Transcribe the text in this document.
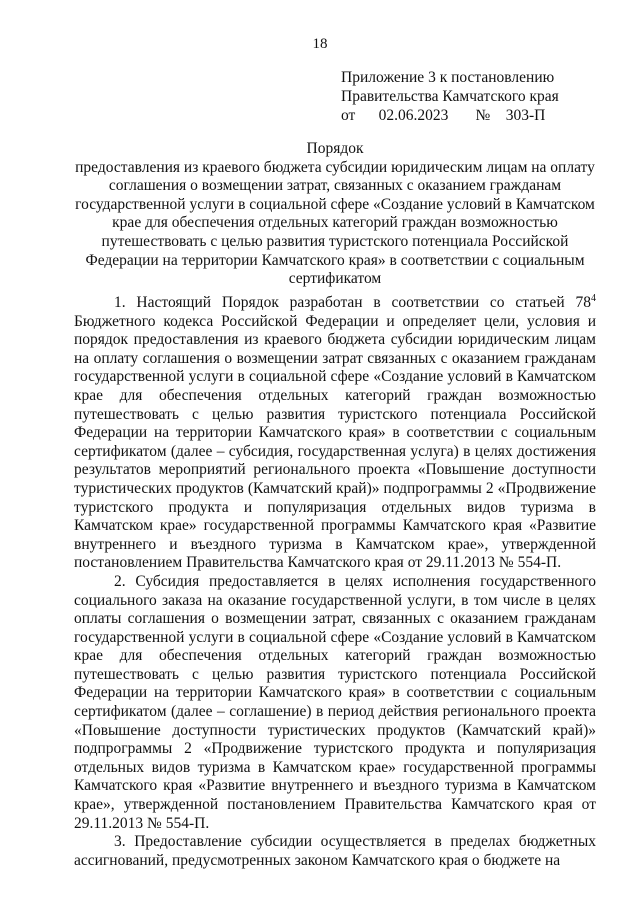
18
Приложение 3 к постановлению
Правительства Камчатского края
от 02.06.2023 № 303-П
Порядок
предоставления из краевого бюджета субсидии юридическим лицам на оплату соглашения о возмещении затрат, связанных с оказанием гражданам государственной услуги в социальной сфере «Создание условий в Камчатском крае для обеспечения отдельных категорий граждан возможностью путешествовать с целью развития туристского потенциала Российской Федерации на территории Камчатского края» в соответствии с социальным сертификатом

1. Настоящий Порядок разработан в соответствии со статьей $78^4$ Бюджетного кодекса Российской Федерации и определяет цели, условия и порядок предоставления из краевого бюджета субсидии юридическим лицам на оплату соглашения о возмещении затрат связанных с оказанием гражданам государственной услуги в социальной сфере «Создание условий в Камчатском крае для обеспечения отдельных категорий граждан возможностью путешествовать с целью развития туристского потенциала Российской Федерации на территории Камчатского края» в соответствии с социальным сертификатом (далее – субсидия, государственная услуга) в целях достижения результатов мероприятий регионального проекта «Повышение доступности туристических продуктов (Камчатский край)» подпрограммы 2 «Продвижение туристского продукта и популяризация отдельных видов туризма в Камчатском крае» государственной программы Камчатского края «Развитие внутреннего и въездного туризма в Камчатском крае», утвержденной постановлением Правительства Камчатского края от 29.11.2013 № 554-П.

2. Субсидия предоставляется в целях исполнения государственного социального заказа на оказание государственной услуги, в том числе в целях оплаты соглашения о возмещении затрат, связанных с оказанием гражданам государственной услуги в социальной сфере «Создание условий в Камчатском крае для обеспечения отдельных категорий граждан возможностью путешествовать с целью развития туристского потенциала Российской Федерации на территории Камчатского края» в соответствии с социальным сертификатом (далее – соглашение) в период действия регионального проекта «Повышение доступности туристических продуктов (Камчатский край)» подпрограммы 2 «Продвижение туристского продукта и популяризация отдельных видов туризма в Камчатском крае» государственной программы Камчатского края «Развитие внутреннего и въездного туризма в Камчатском крае», утвержденной постановлением Правительства Камчатского края от 29.11.2013 № 554-П.

3. Предоставление субсидии осуществляется в пределах бюджетных ассигнований, предусмотренных законом Камчатского края о бюджете на
